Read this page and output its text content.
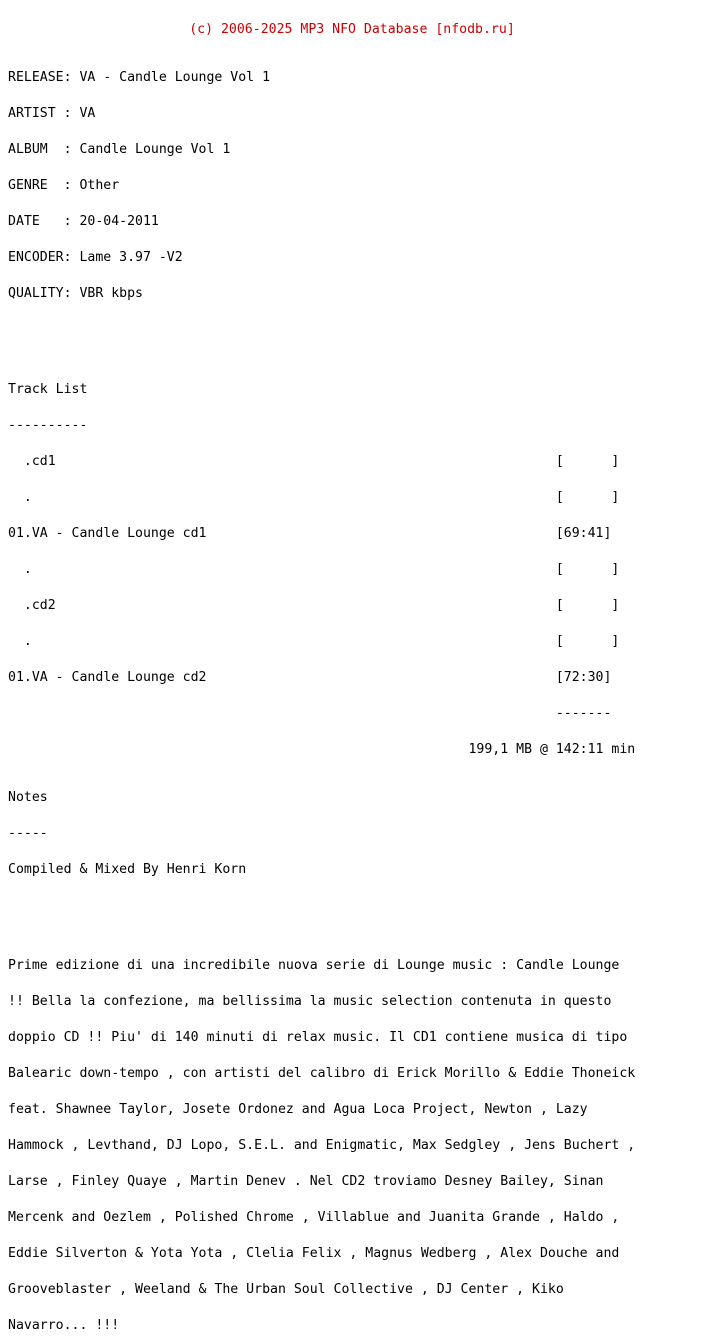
(c) 2006-2025 MP3 NFO Database [nfodb.ru]

RELEASE: VA - Candle Lounge Vol 1

ARTIST : VA

ALBUM  : Candle Lounge Vol 1

GENRE  : Other

DATE   : 20-04-2011

ENCODER: Lame 3.97 -V2

QUALITY: VBR kbps

Track List

----------

.cd1                                                               [      ]

.                                                                  [      ]

01.VA - Candle Lounge cd1                                            [69:41]

.                                                                  [      ]

.cd2                                                               [      ]

.                                                                  [      ]

01.VA - Candle Lounge cd2                                            [72:30]

-------

199,1 MB @ 142:11 min

Notes

-----

Compiled & Mixed By Henri Korn

Prime edizione di una incredibile nuova serie di Lounge music : Candle Lounge

!! Bella la confezione, ma bellissima la music selection contenuta in questo

doppio CD !! Piu' di 140 minuti di relax music. Il CD1 contiene musica di tipo

Balearic down-tempo , con artisti del calibro di Erick Morillo & Eddie Thoneick

feat. Shawnee Taylor, Josete Ordonez and Agua Loca Project, Newton , Lazy

Hammock , Levthand, DJ Lopo, S.E.L. and Enigmatic, Max Sedgley , Jens Buchert ,

Larse , Finley Quaye , Martin Denev . Nel CD2 troviamo Desney Bailey, Sinan

Mercenk and Oezlem , Polished Chrome , Villablue and Juanita Grande , Haldo ,

Eddie Silverton & Yota Yota , Clelia Felix , Magnus Wedberg , Alex Douche and

Grooveblaster , Weeland & The Urban Soul Collective , DJ Center , Kiko

Navarro... !!!
